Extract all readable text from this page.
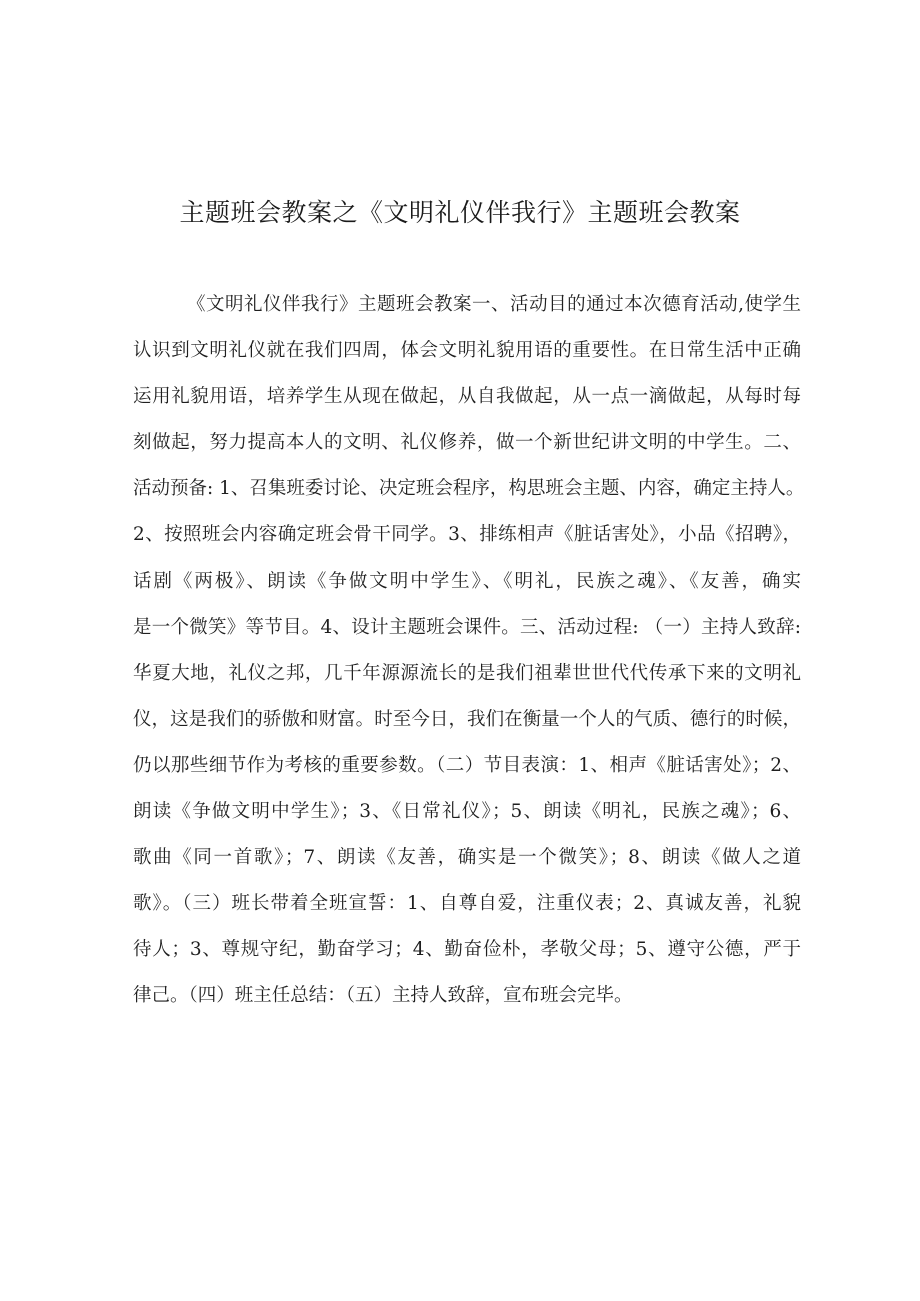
主题班会教案之《文明礼仪伴我行》主题班会教案
《文明礼仪伴我行》主题班会教案一、活动目的通过本次德育活动,使学生
认识到文明礼仪就在我们四周，体会文明礼貌用语的重要性。在日常生活中正确
运用礼貌用语，培养学生从现在做起，从自我做起，从一点一滴做起，从每时每
刻做起，努力提高本人的文明、礼仪修养，做一个新世纪讲文明的中学生。二、
活动预备: 1、召集班委讨论、决定班会程序，构思班会主题、内容，确定主持人。
2、按照班会内容确定班会骨干同学。3、排练相声《脏话害处》，小品《招聘》，
话剧《两极》、朗读《争做文明中学生》、《明礼，民族之魂》、《友善，确实
是一个微笑》等节目。4、设计主题班会课件。三、活动过程: （一）主持人致辞:
华夏大地，礼仪之邦，几千年源源流长的是我们祖辈世世代代传承下来的文明礼
仪，这是我们的骄傲和财富。时至今日，我们在衡量一个人的气质、德行的时候，
仍以那些细节作为考核的重要参数。（二）节目表演：1、相声《脏话害处》；2、
朗读《争做文明中学生》；3、《日常礼仪》；5、朗读《明礼，民族之魂》；6、
歌曲《同一首歌》；7、朗读《友善，确实是一个微笑》；8、朗读《做人之道
歌》。（三）班长带着全班宣誓：1、自尊自爱，注重仪表；2、真诚友善，礼貌
待人；3、尊规守纪，勤奋学习；4、勤奋俭朴，孝敬父母；5、遵守公德，严于
律己。（四）班主任总结：（五）主持人致辞，宣布班会完毕。
